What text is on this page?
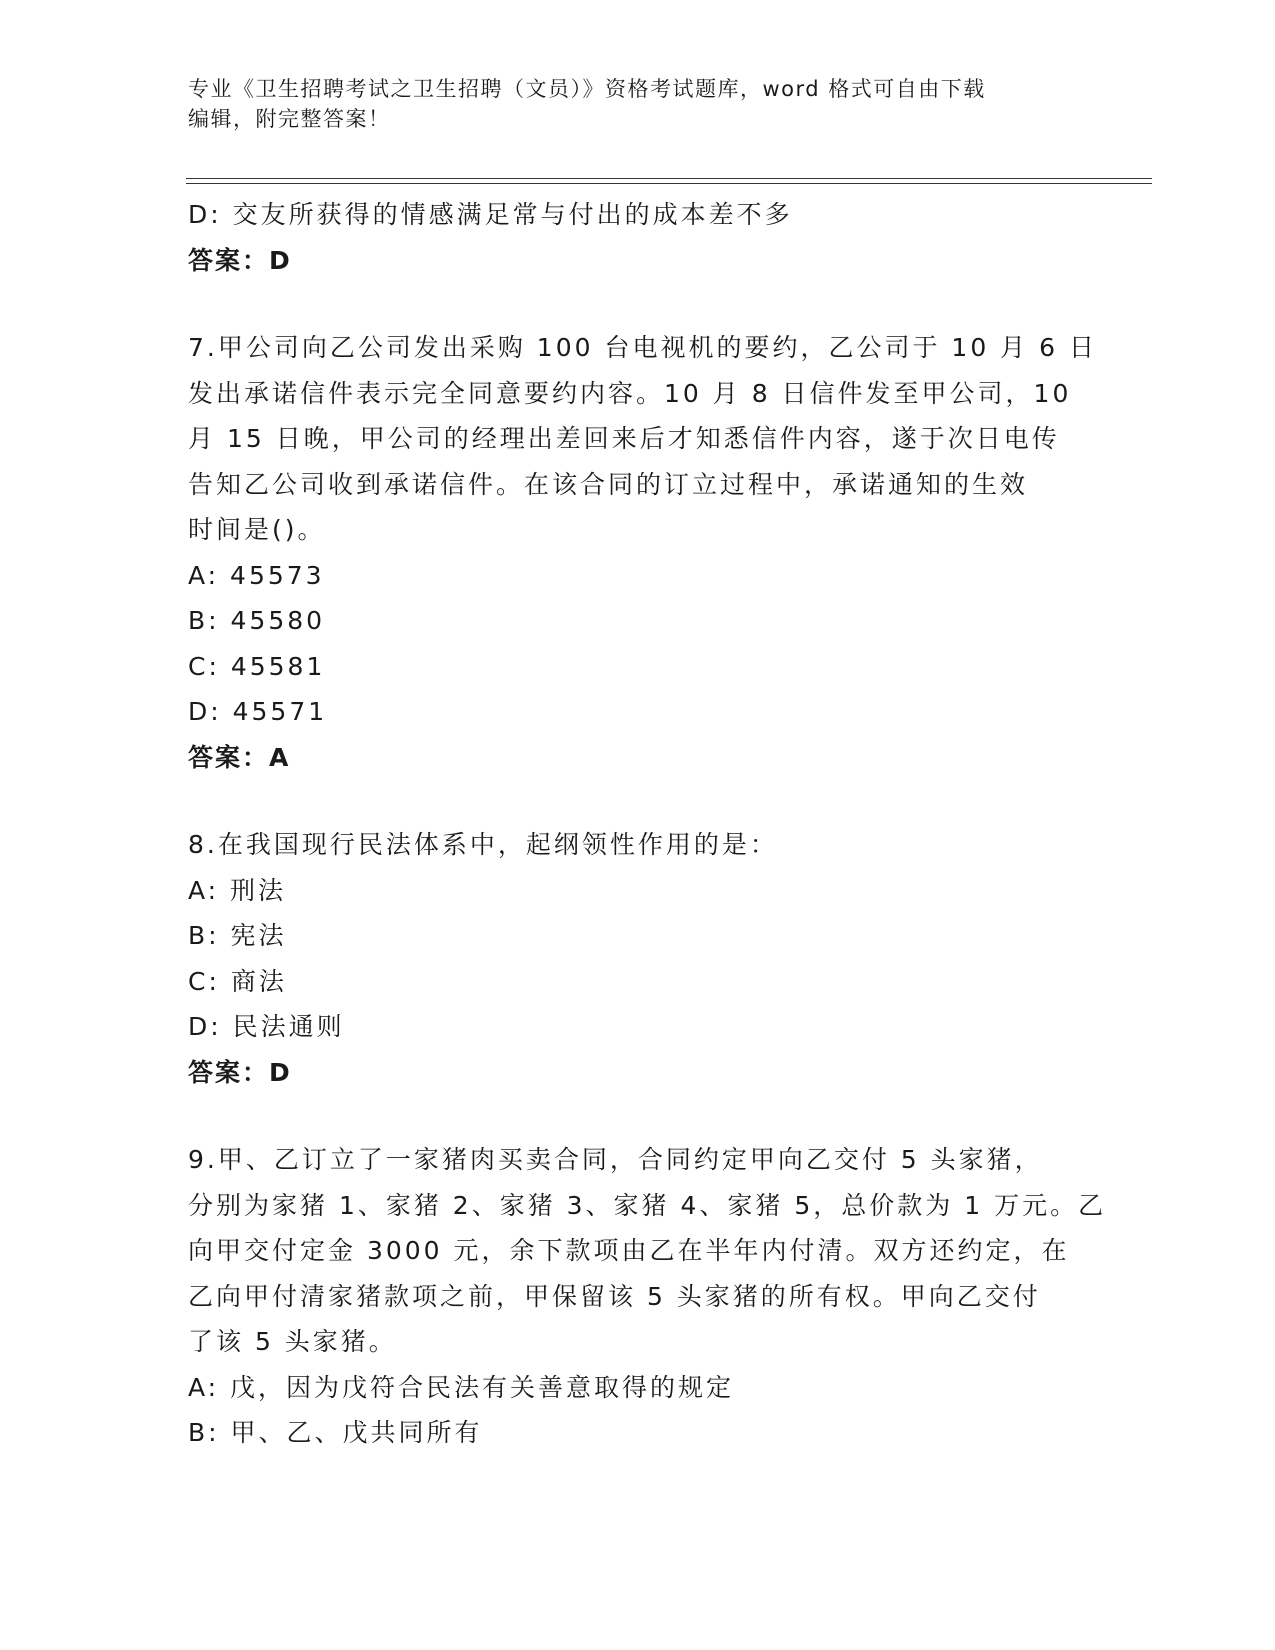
专业《卫生招聘考试之卫生招聘（文员）》资格考试题库，word 格式可自由下载
编辑，附完整答案！
D: 交友所获得的情感满足常与付出的成本差不多
答案：D
7.甲公司向乙公司发出采购 100 台电视机的要约，乙公司于 10 月 6 日
发出承诺信件表示完全同意要约内容。10 月 8 日信件发至甲公司，10
月 15 日晚，甲公司的经理出差回来后才知悉信件内容，遂于次日电传
告知乙公司收到承诺信件。在该合同的订立过程中，承诺通知的生效
时间是()。
A: 45573
B: 45580
C: 45581
D: 45571
答案：A
8.在我国现行民法体系中，起纲领性作用的是：
A: 刑法
B: 宪法
C: 商法
D: 民法通则
答案：D
9.甲、乙订立了一家猪肉买卖合同，合同约定甲向乙交付 5 头家猪，
分别为家猪 1、家猪 2、家猪 3、家猪 4、家猪 5，总价款为 1 万元。乙
向甲交付定金 3000 元，余下款项由乙在半年内付清。双方还约定，在
乙向甲付清家猪款项之前，甲保留该 5 头家猪的所有权。甲向乙交付
了该 5 头家猪。
A: 戊，因为戊符合民法有关善意取得的规定
B: 甲、乙、戊共同所有
